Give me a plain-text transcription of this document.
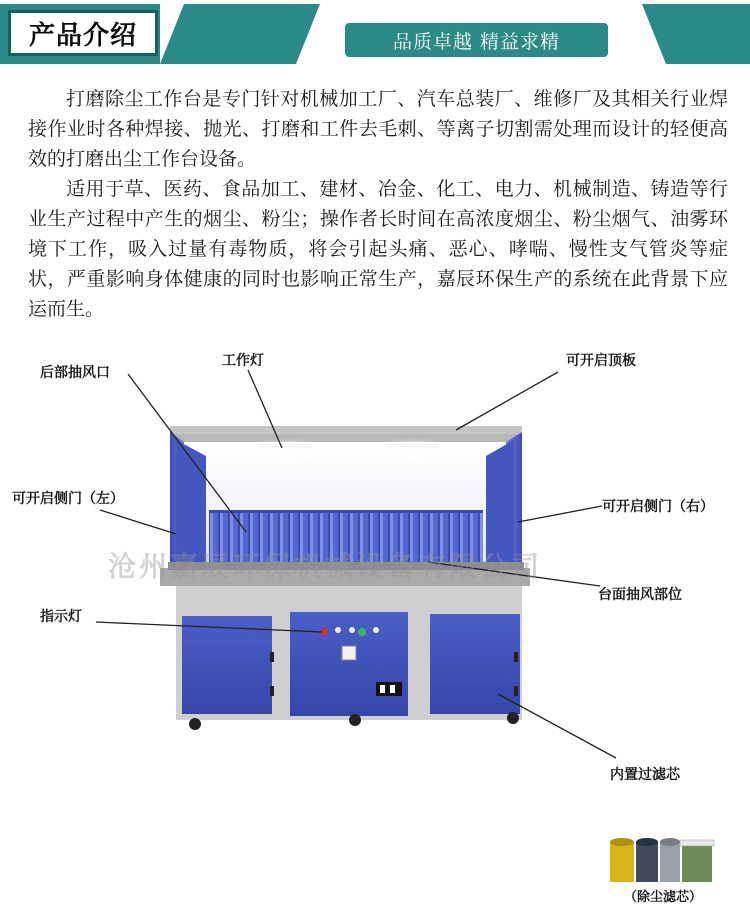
产品介绍	品质卓越 精益求精

打磨除尘工作台是专门针对机械加工厂、汽车总装厂、维修厂及其相关行业焊接作业时各种焊接、抛光、打磨和工件去毛刺、等离子切割需处理而设计的轻便高效的打磨出尘工作台设备。

适用于草、医药、食品加工、建材、冶金、化工、电力、机械制造、铸造等行业生产过程中产生的烟尘、粉尘；操作者长时间在高浓度烟尘、粉尘烟气、油雾环境下工作，吸入过量有毒物质，将会引起头痛、恶心、哮喘、慢性支气管炎等症状，严重影响身体健康的同时也影响正常生产，嘉辰环保生产的系统在此背景下应运而生。

后部抽风口
工作灯	可开启顶板
可开启侧门（左）	可开启侧门（右）
台面抽风部位
指示灯
内置过滤芯
沧州嘉辰环保机械设备有限公司
（除尘滤芯）
